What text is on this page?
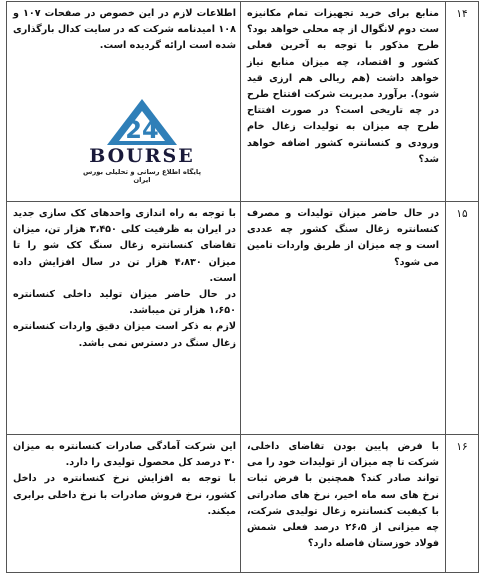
۱۴
منابع برای خرید تجهیزات تمام مکانیزه ست دوم لانگوال از چه محلی خواهد بود؟ طرح مذکور با توجه به آخرین فعلی کشور و اقتصاد، چه میزان منابع نیاز خواهد داشت (هم ریالی هم ارزی قید شود). برآورد مدیریت شرکت افتتاح طرح در چه تاریخی است؟ در صورت افتتاح طرح چه میزان به تولیدات زغال خام ورودی و کنسانتره کشور اضافه خواهد شد؟
اطلاعات لازم در این خصوص در صفحات ۱۰۷ و ۱۰۸ امیدنامه شرکت که در سایت کدال بارگذاری شده است ارائه گردیده است.
24
BOURSE
پایگاه اطلاع رسانی و تحلیلی بورس ایران
۱۵
در حال حاضر میزان تولیدات و مصرف کنسانتره زغال سنگ کشور چه عددی است و چه میزان از طریق واردات تامین می شود؟
با توجه به راه اندازی واحدهای کک سازی جدید در ایران به ظرفیت کلی ۳،۴۵۰ هزار تن، میزان تقاضای کنسانتره زغال سنگ کک شو را تا میزان ۴،۸۳۰ هزار تن در سال افزایش داده است.
در حال حاضر میزان تولید داخلی کنسانتره ۱،۶۵۰ هزار تن میباشد.
لازم به ذکر است میزان دقیق واردات کنسانتره زغال سنگ در دسترس نمی باشد.
۱۶
با فرض پایین بودن تقاضای داخلی، شرکت تا چه میزان از تولیدات خود را می تواند صادر کند؟ همچنین با فرض ثبات نرخ های سه ماه اخیر، نرخ های صادراتی با کیفیت کنسانتره زغال تولیدی شرکت، چه میزانی از ۲۶،۵ درصد فعلی شمش فولاد خوزستان فاصله دارد؟
این شرکت آمادگی صادرات کنسانتره به میزان ۳۰ درصد کل محصول تولیدی را دارد.
با توجه به افزایش نرخ کنسانتره در داخل کشور، نرخ فروش صادرات با نرخ داخلی برابری میکند.
